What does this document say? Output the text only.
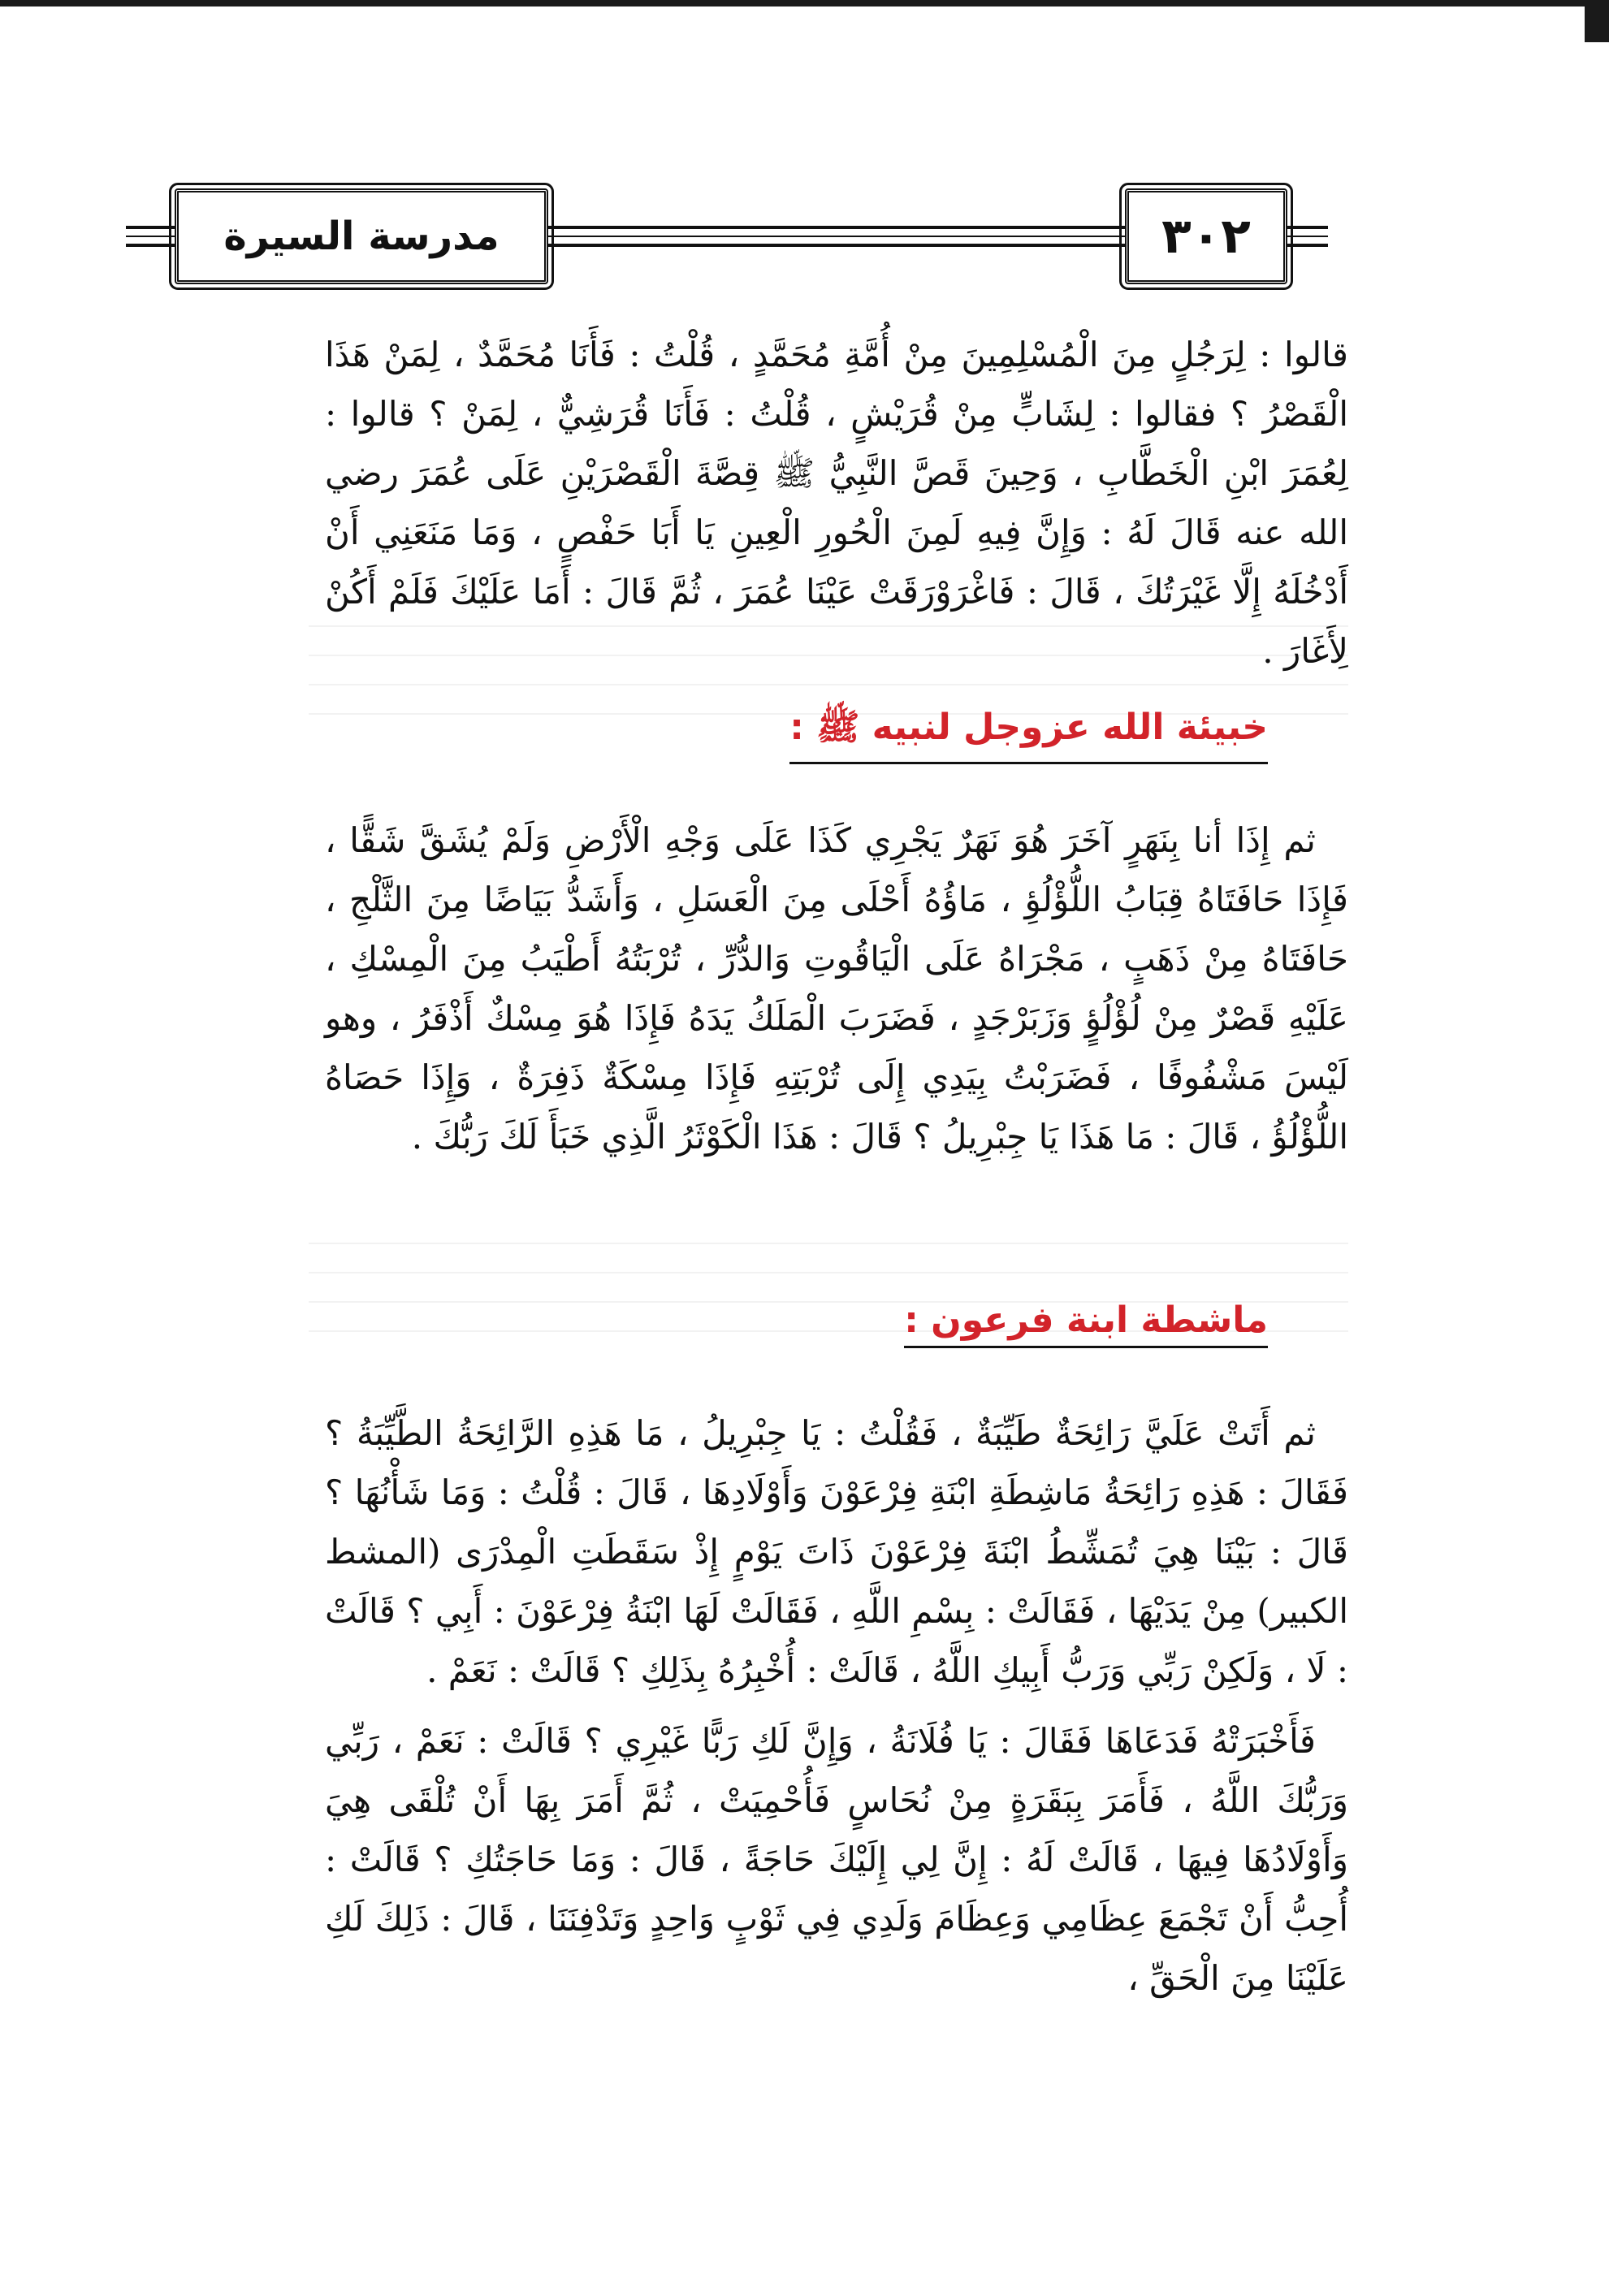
مدرسة السيرة	٣٠٢

قالوا : لِرَجُلٍ مِنَ الْمُسْلِمِينَ مِنْ أُمَّةِ مُحَمَّدٍ ، قُلْتُ : فَأَنَا مُحَمَّدٌ ، لِمَنْ هَذَا الْقَصْرُ ؟ فقالوا : لِشَابٍّ مِنْ قُرَيْشٍ ، قُلْتُ : فَأَنَا قُرَشِيٌّ ، لِمَنْ ؟ قالوا : لِعُمَرَ ابْنِ الْخَطَّابِ ، وَحِينَ قَصَّ النَّبِيُّ ﷺ قِصَّةَ الْقَصْرَيْنِ عَلَى عُمَرَ رضي الله عنه قَالَ لَهُ : وَإِنَّ فِيهِ لَمِنَ الْحُورِ الْعِينِ يَا أَبَا حَفْصٍ ، وَمَا مَنَعَنِي أَنْ أَدْخُلَهُ إِلَّا غَيْرَتُكَ ، قَالَ : فَاغْرَوْرَقَتْ عَيْنَا عُمَرَ ، ثُمَّ قَالَ : أَمَا عَلَيْكَ فَلَمْ أَكُنْ لِأَغَارَ .

خبيئة الله عزوجل لنبيه ﷺ :

ثم إِذَا أنا بِنَهَرٍ آخَرَ هُوَ نَهَرٌ يَجْرِي كَذَا عَلَى وَجْهِ الْأَرْضِ وَلَمْ يُشَقَّ شَقًّا ، فَإِذَا حَافَتَاهُ قِبَابُ اللُّؤْلُؤِ ، مَاؤُهُ أَحْلَى مِنَ الْعَسَلِ ، وَأَشَدُّ بَيَاضًا مِنَ الثَّلْجِ ، حَافَتَاهُ مِنْ ذَهَبٍ ، مَجْرَاهُ عَلَى الْيَاقُوتِ وَالدُّرِّ ، تُرْبَتُهُ أَطْيَبُ مِنَ الْمِسْكِ ، عَلَيْهِ قَصْرٌ مِنْ لُؤْلُؤٍ وَزَبَرْجَدٍ ، فَضَرَبَ الْمَلَكُ يَدَهُ فَإِذَا هُوَ مِسْكٌ أَذْفَرُ ، وهو لَيْسَ مَشْفُوفًا ، فَضَرَبْتُ بِيَدِي إِلَى تُرْبَتِهِ فَإِذَا مِسْكَةٌ ذَفِرَةٌ ، وَإِذَا حَصَاهُ اللُّؤْلُؤُ ، قَالَ : مَا هَذَا يَا جِبْرِيلُ ؟ قَالَ : هَذَا الْكَوْثَرُ الَّذِي خَبَأَ لَكَ رَبُّكَ .

ماشطة ابنة فرعون :

ثم أَتَتْ عَلَيَّ رَائِحَةٌ طَيِّبَةٌ ، فَقُلْتُ : يَا جِبْرِيلُ ، مَا هَذِهِ الرَّائِحَةُ الطَّيِّبَةُ ؟ فَقَالَ : هَذِهِ رَائِحَةُ مَاشِطَةِ ابْنَةِ فِرْعَوْنَ وَأَوْلَادِهَا ، قَالَ : قُلْتُ : وَمَا شَأْنُهَا ؟ قَالَ : بَيْنَا هِيَ تُمَشِّطُ ابْنَةَ فِرْعَوْنَ ذَاتَ يَوْمٍ إِذْ سَقَطَتِ الْمِدْرَى (المشط الكبير) مِنْ يَدَيْهَا ، فَقَالَتْ : بِسْمِ اللَّهِ ، فَقَالَتْ لَهَا ابْنَةُ فِرْعَوْنَ : أَبِي ؟ قَالَتْ : لَا ، وَلَكِنْ رَبِّي وَرَبُّ أَبِيكِ اللَّهُ ، قَالَتْ : أُخْبِرُهُ بِذَلِكِ ؟ قَالَتْ : نَعَمْ .

فَأَخْبَرَتْهُ فَدَعَاهَا فَقَالَ : يَا فُلَانَةُ ، وَإِنَّ لَكِ رَبًّا غَيْرِي ؟ قَالَتْ : نَعَمْ ، رَبِّي وَرَبُّكَ اللَّهُ ، فَأَمَرَ بِبَقَرَةٍ مِنْ نُحَاسٍ فَأُحْمِيَتْ ، ثُمَّ أَمَرَ بِهَا أَنْ تُلْقَى هِيَ وَأَوْلَادُهَا فِيهَا ، قَالَتْ لَهُ : إِنَّ لِي إِلَيْكَ حَاجَةً ، قَالَ : وَمَا حَاجَتُكِ ؟ قَالَتْ : أُحِبُّ أَنْ تَجْمَعَ عِظَامِي وَعِظَامَ وَلَدِي فِي ثَوْبٍ وَاحِدٍ وَتَدْفِنَنَا ، قَالَ : ذَلِكَ لَكِ عَلَيْنَا مِنَ الْحَقِّ ،
